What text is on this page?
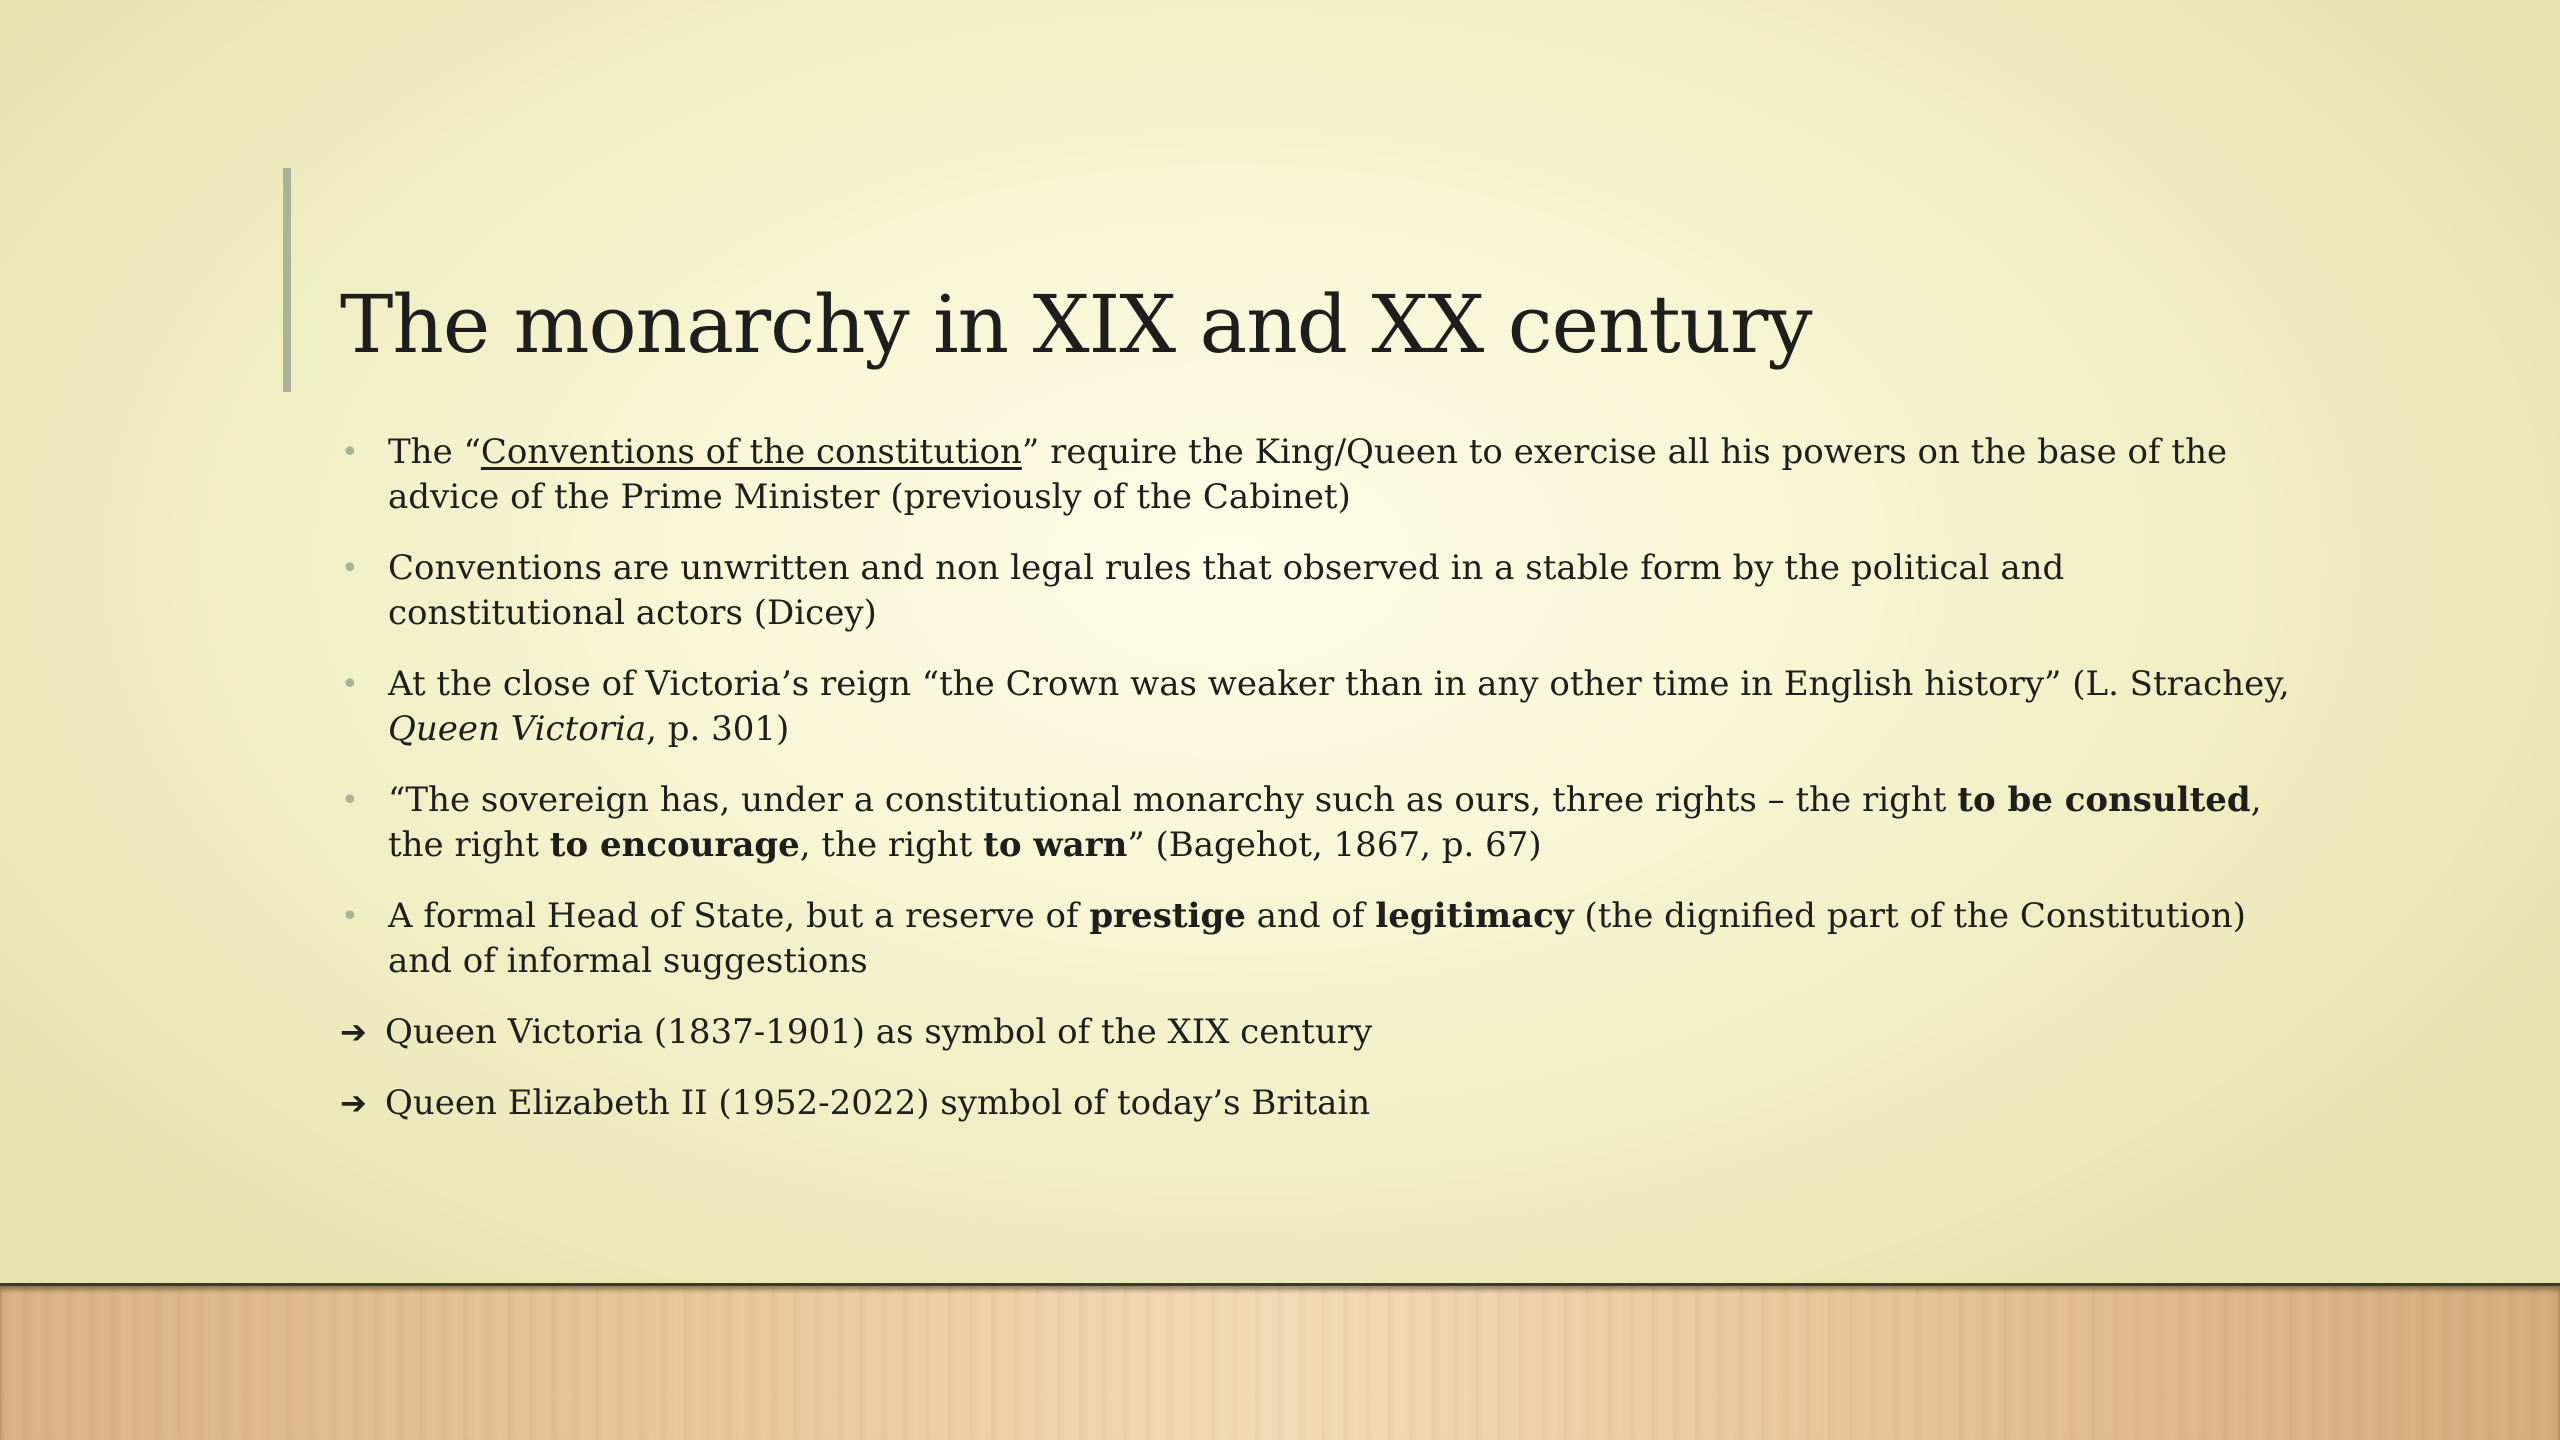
The monarchy in XIX and XX century
• The “Conventions of the constitution” require the King/Queen to exercise all his powers on the base of the advice of the Prime Minister (previously of the Cabinet)
• Conventions are unwritten and non legal rules that observed in a stable form by the political and constitutional actors (Dicey)
• At the close of Victoria’s reign “the Crown was weaker than in any other time in English history” (L. Strachey, Queen Victoria, p. 301)
• “The sovereign has, under a constitutional monarchy such as ours, three rights – the right to be consulted, the right to encourage, the right to warn” (Bagehot, 1867, p. 67)
• A formal Head of State, but a reserve of prestige and of legitimacy (the dignified part of the Constitution) and of informal suggestions
➔ Queen Victoria (1837-1901) as symbol of the XIX century
➔ Queen Elizabeth II (1952-2022) symbol of today’s Britain
